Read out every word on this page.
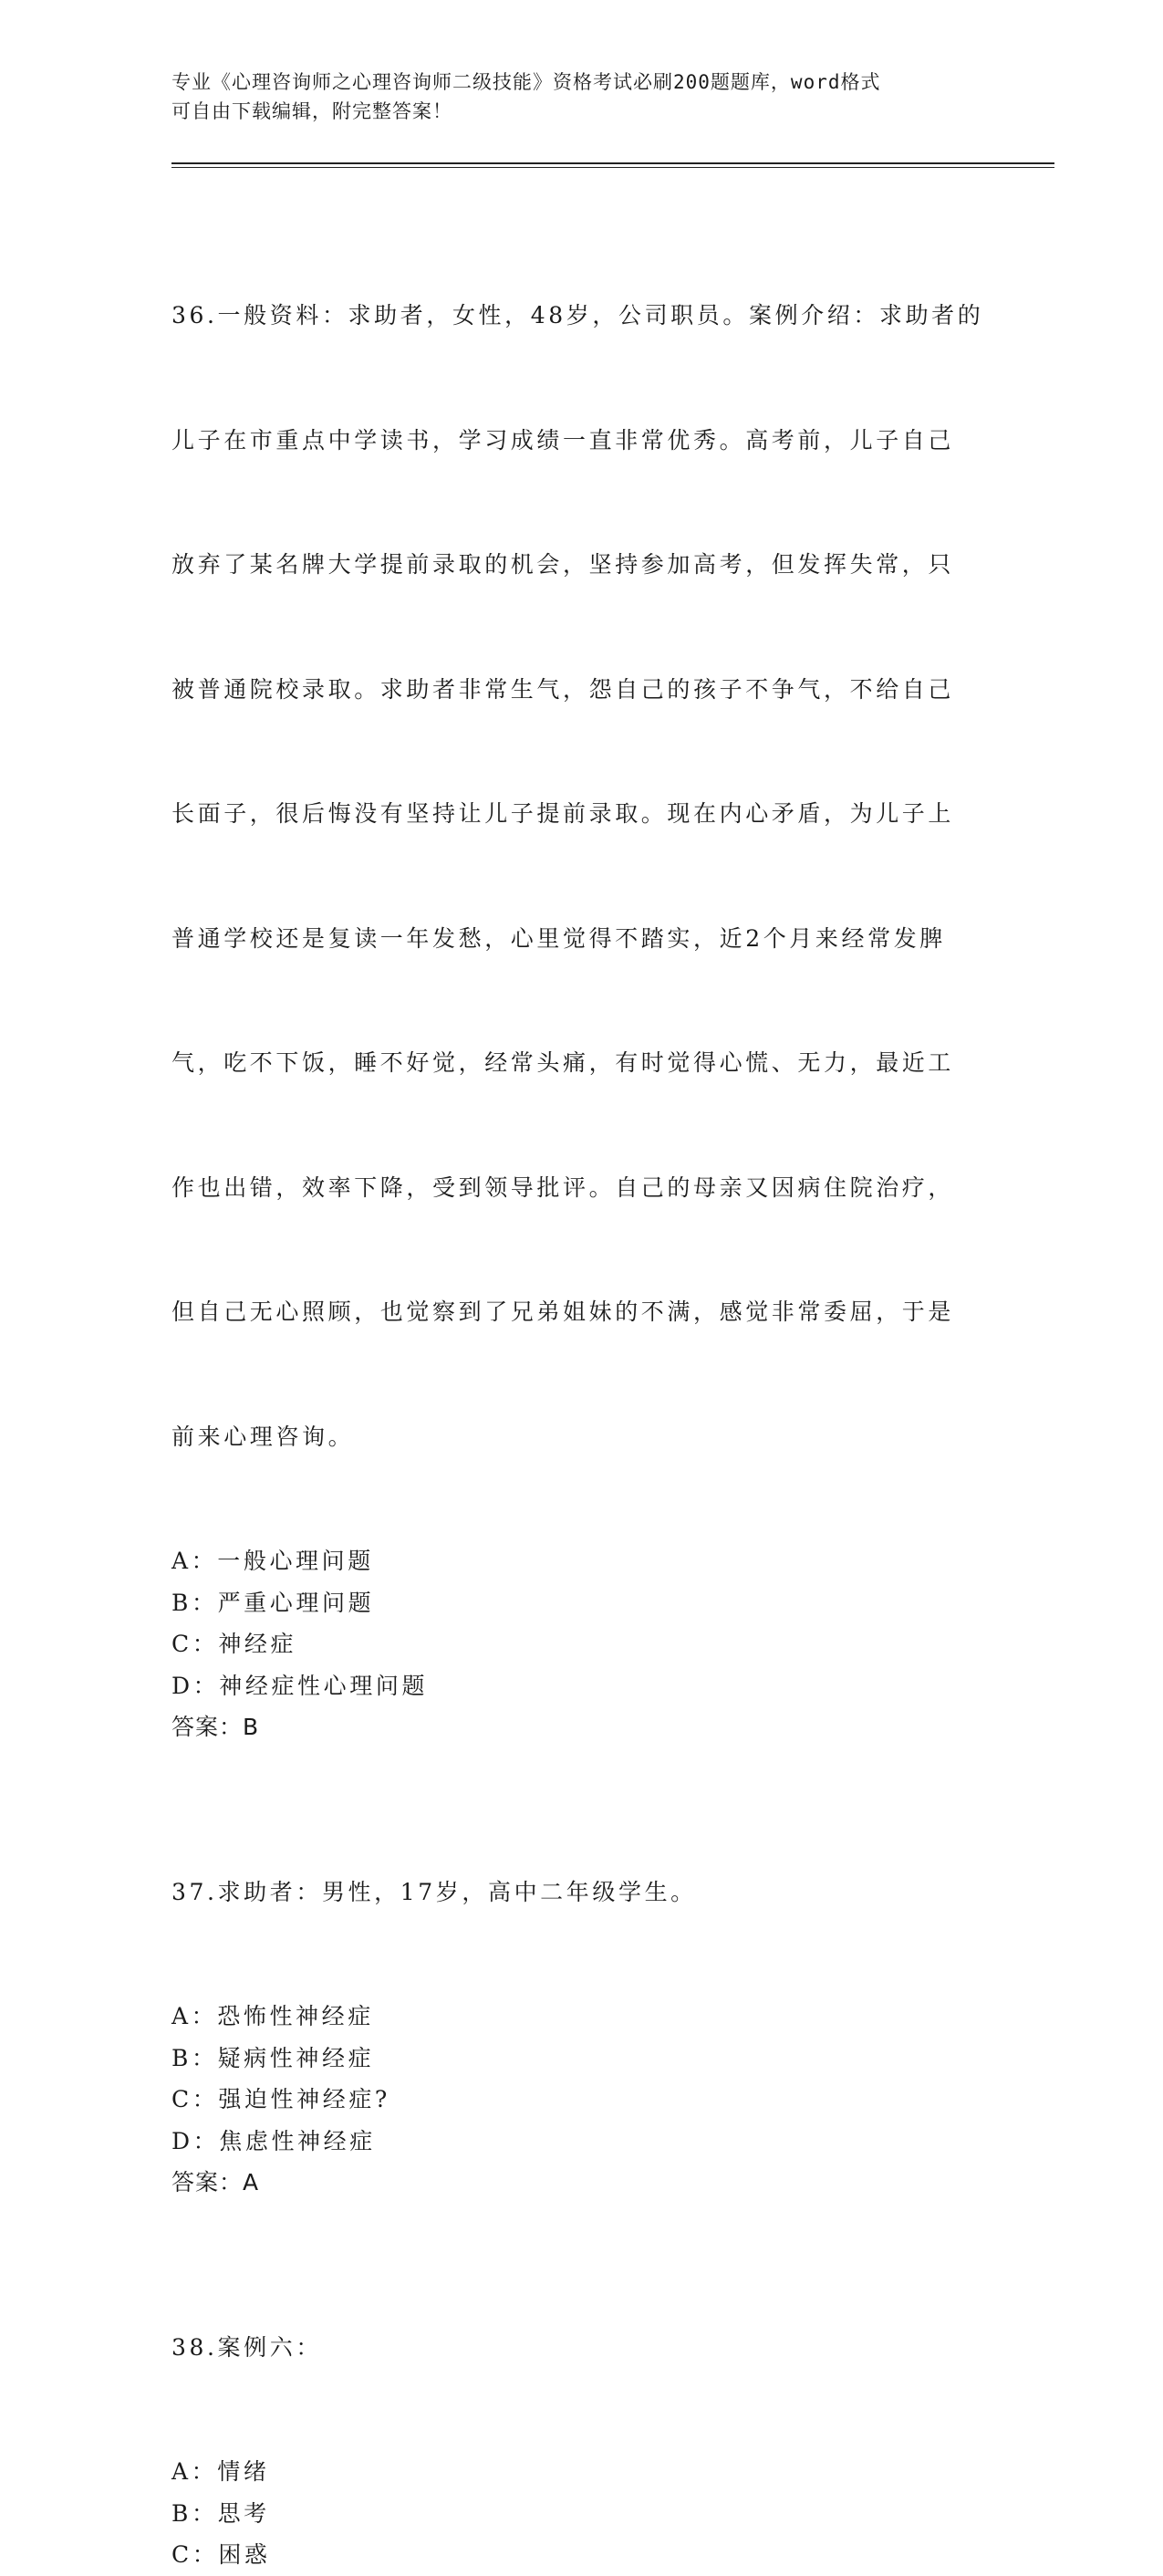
专业《心理咨询师之心理咨询师二级技能》资格考试必刷200题题库，word格式
可自由下载编辑，附完整答案！

36.一般资料：求助者，女性，48岁，公司职员。案例介绍：求助者的

儿子在市重点中学读书，学习成绩一直非常优秀。高考前，儿子自己

放弃了某名牌大学提前录取的机会，坚持参加高考，但发挥失常，只

被普通院校录取。求助者非常生气，怨自己的孩子不争气，不给自己

长面子，很后悔没有坚持让儿子提前录取。现在内心矛盾，为儿子上

普通学校还是复读一年发愁，心里觉得不踏实，近2个月来经常发脾

气，吃不下饭，睡不好觉，经常头痛，有时觉得心慌、无力，最近工

作也出错，效率下降，受到领导批评。自己的母亲又因病住院治疗，

但自己无心照顾，也觉察到了兄弟姐妹的不满，感觉非常委屈，于是

前来心理咨询。

A：一般心理问题
B：严重心理问题
C：神经症
D：神经症性心理问题
答案：B

37.求助者：男性，17岁，高中二年级学生。

A：恐怖性神经症
B：疑病性神经症
C：强迫性神经症?
D：焦虑性神经症
答案：A

38.案例六：

A：情绪
B：思考
C：困惑
